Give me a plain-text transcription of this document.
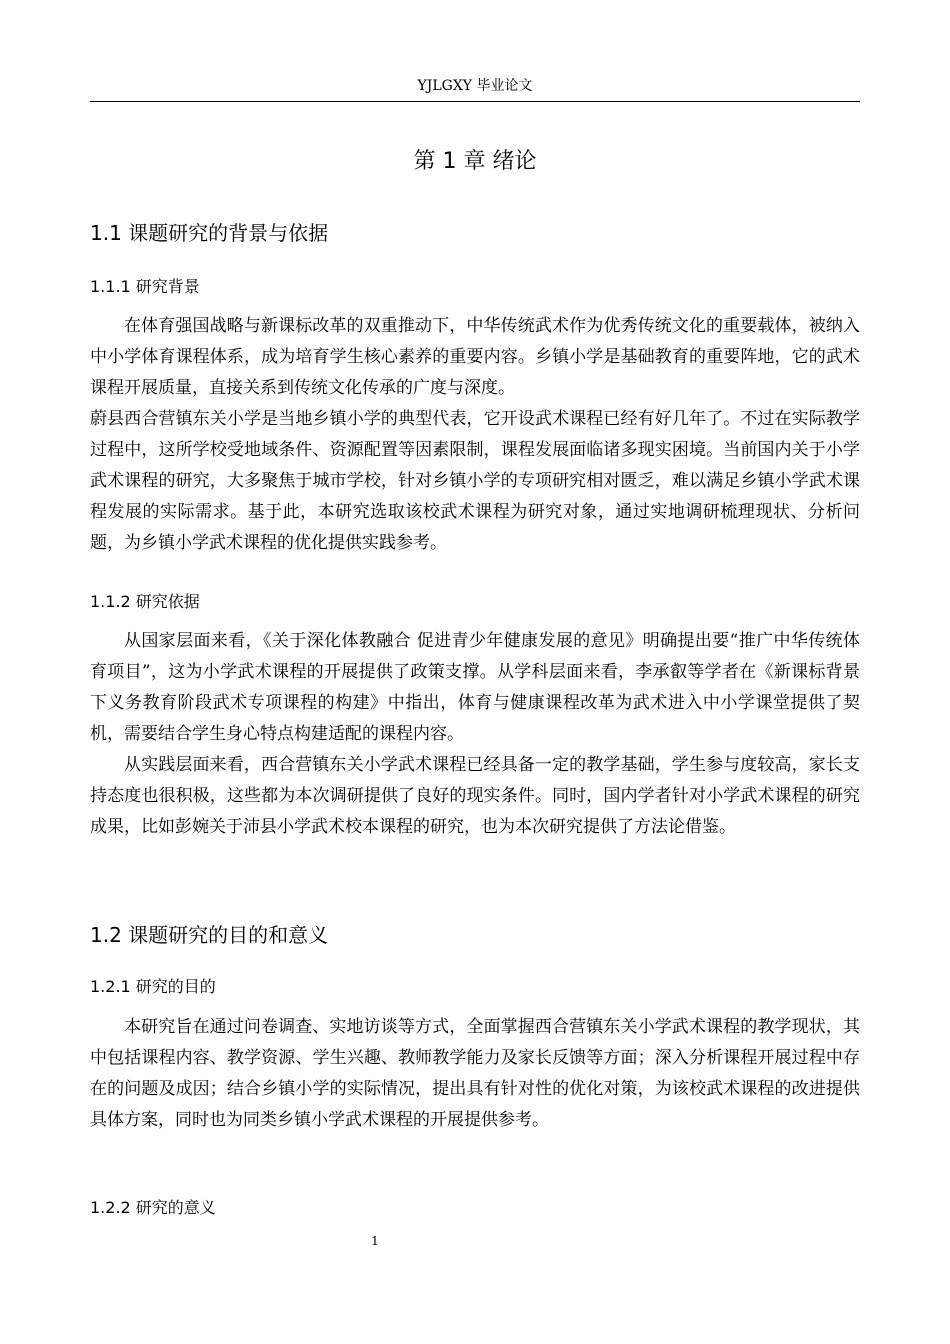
YJLGXY 毕业论文
第 1 章 绪论
1.1 课题研究的背景与依据
1.1.1 研究背景

在体育强国战略与新课标改革的双重推动下，中华传统武术作为优秀传统文化的重要载体，被纳入中小学体育课程体系，成为培育学生核心素养的重要内容。乡镇小学是基础教育的重要阵地，它的武术课程开展质量，直接关系到传统文化传承的广度与深度。

蔚县西合营镇东关小学是当地乡镇小学的典型代表，它开设武术课程已经有好几年了。不过在实际教学过程中，这所学校受地域条件、资源配置等因素限制，课程发展面临诸多现实困境。当前国内关于小学武术课程的研究，大多聚焦于城市学校，针对乡镇小学的专项研究相对匮乏，难以满足乡镇小学武术课程发展的实际需求。基于此，本研究选取该校武术课程为研究对象，通过实地调研梳理现状、分析问题，为乡镇小学武术课程的优化提供实践参考。

1.1.2 研究依据

从国家层面来看，《关于深化体教融合 促进青少年健康发展的意见》明确提出要“推广中华传统体育项目”，这为小学武术课程的开展提供了政策支撑。从学科层面来看，李承叡等学者在《新课标背景下义务教育阶段武术专项课程的构建》中指出，体育与健康课程改革为武术进入中小学课堂提供了契机，需要结合学生身心特点构建适配的课程内容。

从实践层面来看，西合营镇东关小学武术课程已经具备一定的教学基础，学生参与度较高，家长支持态度也很积极，这些都为本次调研提供了良好的现实条件。同时，国内学者针对小学武术课程的研究成果，比如彭婉关于沛县小学武术校本课程的研究，也为本次研究提供了方法论借鉴。

1.2 课题研究的目的和意义
1.2.1 研究的目的

本研究旨在通过问卷调查、实地访谈等方式，全面掌握西合营镇东关小学武术课程的教学现状，其中包括课程内容、教学资源、学生兴趣、教师教学能力及家长反馈等方面；深入分析课程开展过程中存在的问题及成因；结合乡镇小学的实际情况，提出具有针对性的优化对策，为该校武术课程的改进提供具体方案，同时也为同类乡镇小学武术课程的开展提供参考。

1.2.2 研究的意义
1
